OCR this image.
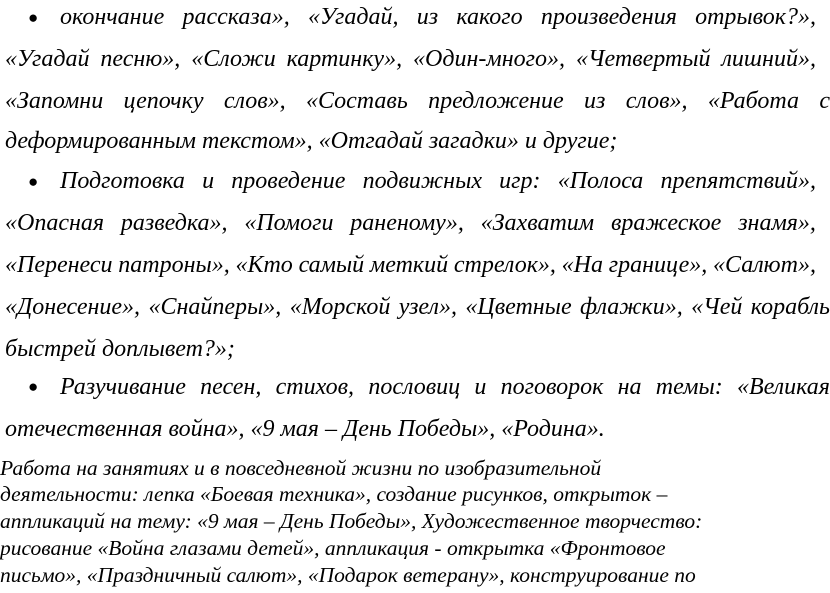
●
●
●
окончание рассказа», «Угадай, из какого произведения отрывок?»,
«Угадай песню», «Сложи картинку», «Один-много», «Четвертый лишний»,
«Запомни цепочку слов», «Составь предложение из слов», «Работа с
деформированным текстом», «Отгадай загадки» и другие;
Подготовка и проведение подвижных игр: «Полоса препятствий»,
«Опасная разведка», «Помоги раненому», «Захватим вражеское знамя»,
«Перенеси патроны», «Кто самый меткий стрелок», «На границе», «Салют»,
«Донесение», «Снайперы», «Морской узел», «Цветные флажки», «Чей корабль
быстрей доплывет?»;
Разучивание песен, стихов, пословиц и поговорок на темы: «Великая
отечественная война», «9 мая – День Победы», «Родина».
Работа на занятиях и в повседневной жизни по изобразительной
деятельности: лепка «Боевая техника», создание рисунков, открыток –
аппликаций на тему: «9 мая – День Победы», Художественное творчество:
рисование «Война глазами детей», аппликация - открытка «Фронтовое
письмо», «Праздничный салют», «Подарок ветерану», конструирование по
